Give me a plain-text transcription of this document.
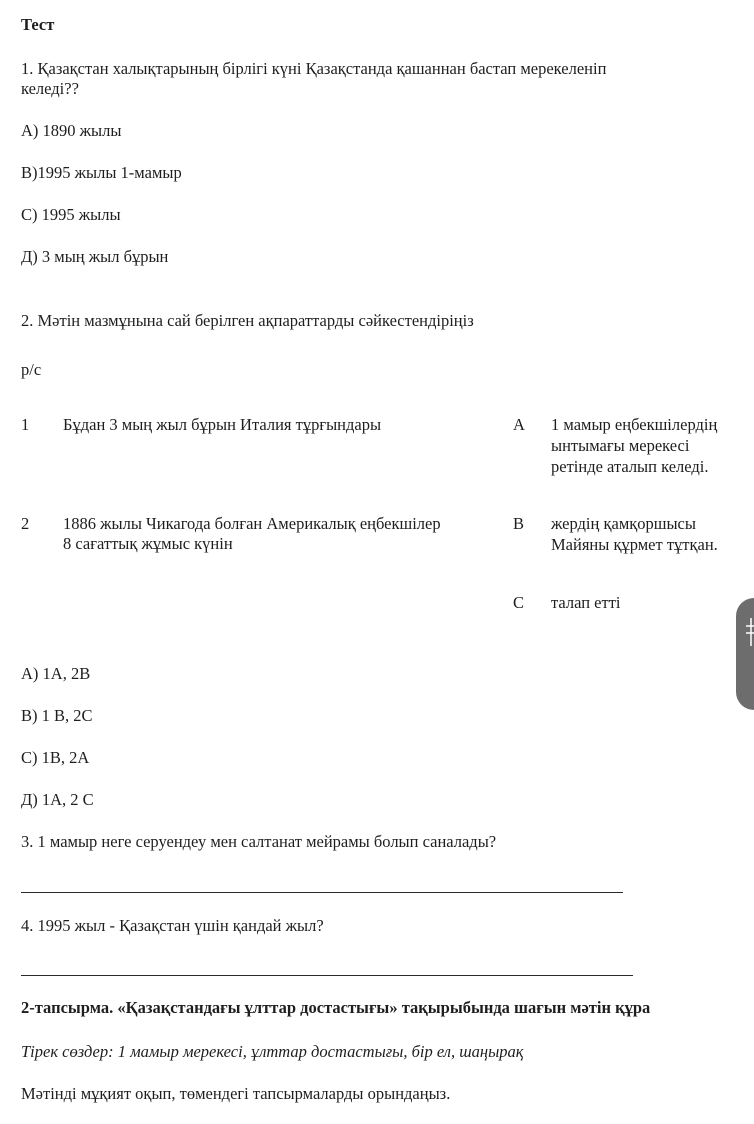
Тест
1. Қазақстан халықтарының бірлігі күні Қазақстанда қашаннан бастап мерекеленіп
келеді??
А) 1890 жылы
В)1995 жылы 1-мамыр
С) 1995 жылы
Д) 3 мың жыл бұрын
2. Мәтін мазмұнына сай берілген ақпараттарды сәйкестендіріңіз
р/с
1 Бұдан 3 мың жыл бұрын Италия тұрғындары
2 1886 жылы Чикагода болған Америкалық еңбекшілер
8 сағаттық жұмыс күнін
А 1 мамыр еңбекшілердің
ынтымағы мерекесі
ретінде аталып келеді.
В жердің қамқоршысы
Майяны құрмет тұтқан.
С талап етті
А) 1А, 2В
В) 1 В, 2С
С) 1В, 2А
Д) 1А, 2 С
3. 1 мамыр неге серуендеу мен салтанат мейрамы болып саналады?
4. 1995 жыл - Қазақстан үшін қандай жыл?
2-тапсырма. «Қазақстандағы ұлттар достастығы» тақырыбында шағын мәтін құра
Тірек сөздер: 1 мамыр мерекесі, ұлттар достастығы, бір ел, шаңырақ
Мәтінді мұқият оқып, төмендегі тапсырмаларды орындаңыз.
